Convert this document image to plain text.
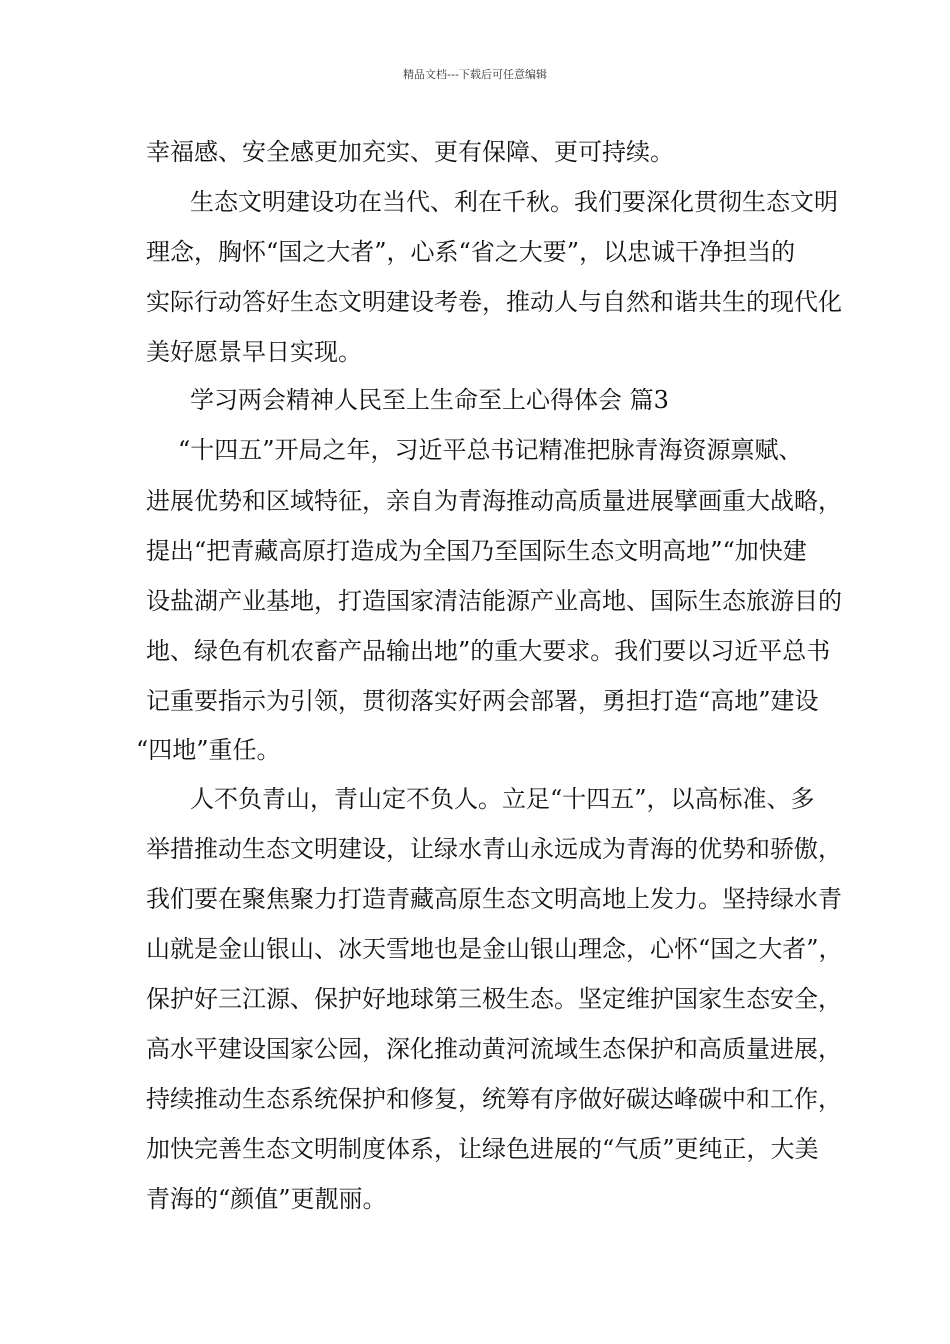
精品文档---下载后可任意编辑

幸福感、安全感更加充实、更有保障、更可持续。

生态文明建设功在当代、利在千秋。我们要深化贯彻生态文明

理念，胸怀“国之大者”，心系“省之大要”，以忠诚干净担当的

实际行动答好生态文明建设考卷，推动人与自然和谐共生的现代化

美好愿景早日实现。

学习两会精神人民至上生命至上心得体会 篇3

“十四五”开局之年，习近平总书记精准把脉青海资源禀赋、

进展优势和区域特征，亲自为青海推动高质量进展擘画重大战略，

提出“把青藏高原打造成为全国乃至国际生态文明高地”“加快建

设盐湖产业基地，打造国家清洁能源产业高地、国际生态旅游目的

地、绿色有机农畜产品输出地”的重大要求。我们要以习近平总书

记重要指示为引领，贯彻落实好两会部署，勇担打造“高地”建设

“四地”重任。

人不负青山，青山定不负人。立足“十四五”，以高标准、多

举措推动生态文明建设，让绿水青山永远成为青海的优势和骄傲，

我们要在聚焦聚力打造青藏高原生态文明高地上发力。坚持绿水青

山就是金山银山、冰天雪地也是金山银山理念，心怀“国之大者”，

保护好三江源、保护好地球第三极生态。坚定维护国家生态安全，

高水平建设国家公园，深化推动黄河流域生态保护和高质量进展，

持续推动生态系统保护和修复，统筹有序做好碳达峰碳中和工作，

加快完善生态文明制度体系，让绿色进展的“气质”更纯正，大美

青海的“颜值”更靓丽。
